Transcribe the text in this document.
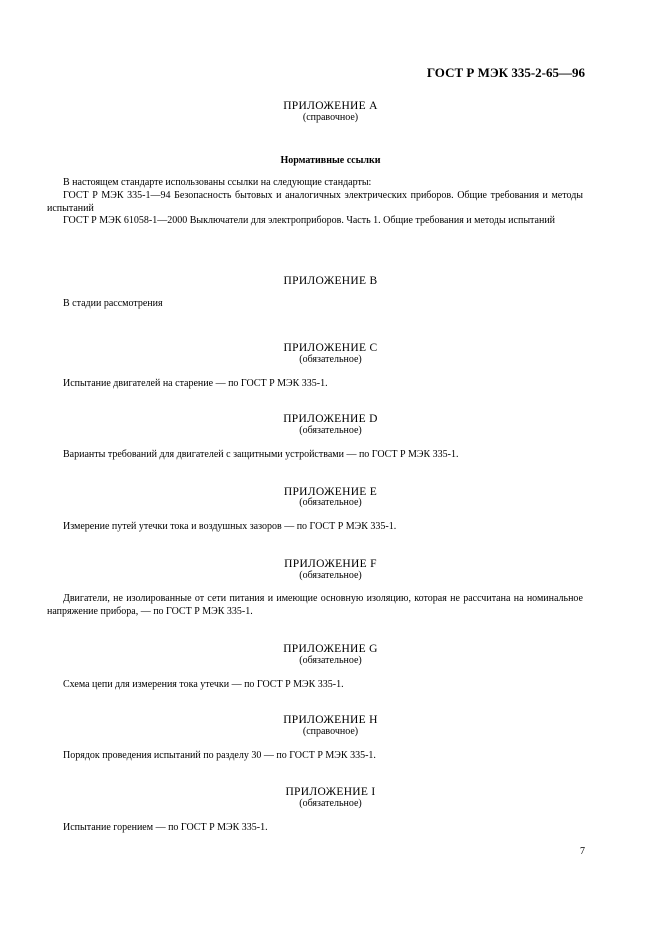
ГОСТ Р МЭК 335-2-65—96
ПРИЛОЖЕНИЕ А
(справочное)
Нормативные ссылки
В настоящем стандарте использованы ссылки на следующие стандарты:
ГОСТ Р МЭК 335-1—94 Безопасность бытовых и аналогичных электрических приборов. Общие требования и методы испытаний
ГОСТ Р МЭК 61058-1—2000 Выключатели для электроприборов. Часть 1. Общие требования и методы испытаний
ПРИЛОЖЕНИЕ В
В стадии рассмотрения
ПРИЛОЖЕНИЕ С
(обязательное)
Испытание двигателей на старение — по ГОСТ Р МЭК 335-1.
ПРИЛОЖЕНИЕ D
(обязательное)
Варианты требований для двигателей с защитными устройствами — по ГОСТ Р МЭК 335-1.
ПРИЛОЖЕНИЕ Е
(обязательное)
Измерение путей утечки тока и воздушных зазоров — по ГОСТ Р МЭК 335-1.
ПРИЛОЖЕНИЕ F
(обязательное)
Двигатели, не изолированные от сети питания и имеющие основную изоляцию, которая не рассчитана на номинальное напряжение прибора, — по ГОСТ Р МЭК 335-1.
ПРИЛОЖЕНИЕ G
(обязательное)
Схема цепи для измерения тока утечки — по ГОСТ Р МЭК 335-1.
ПРИЛОЖЕНИЕ Н
(справочное)
Порядок проведения испытаний по разделу 30 — по ГОСТ Р МЭК 335-1.
ПРИЛОЖЕНИЕ I
(обязательное)
Испытание горением — по ГОСТ Р МЭК 335-1.
7
